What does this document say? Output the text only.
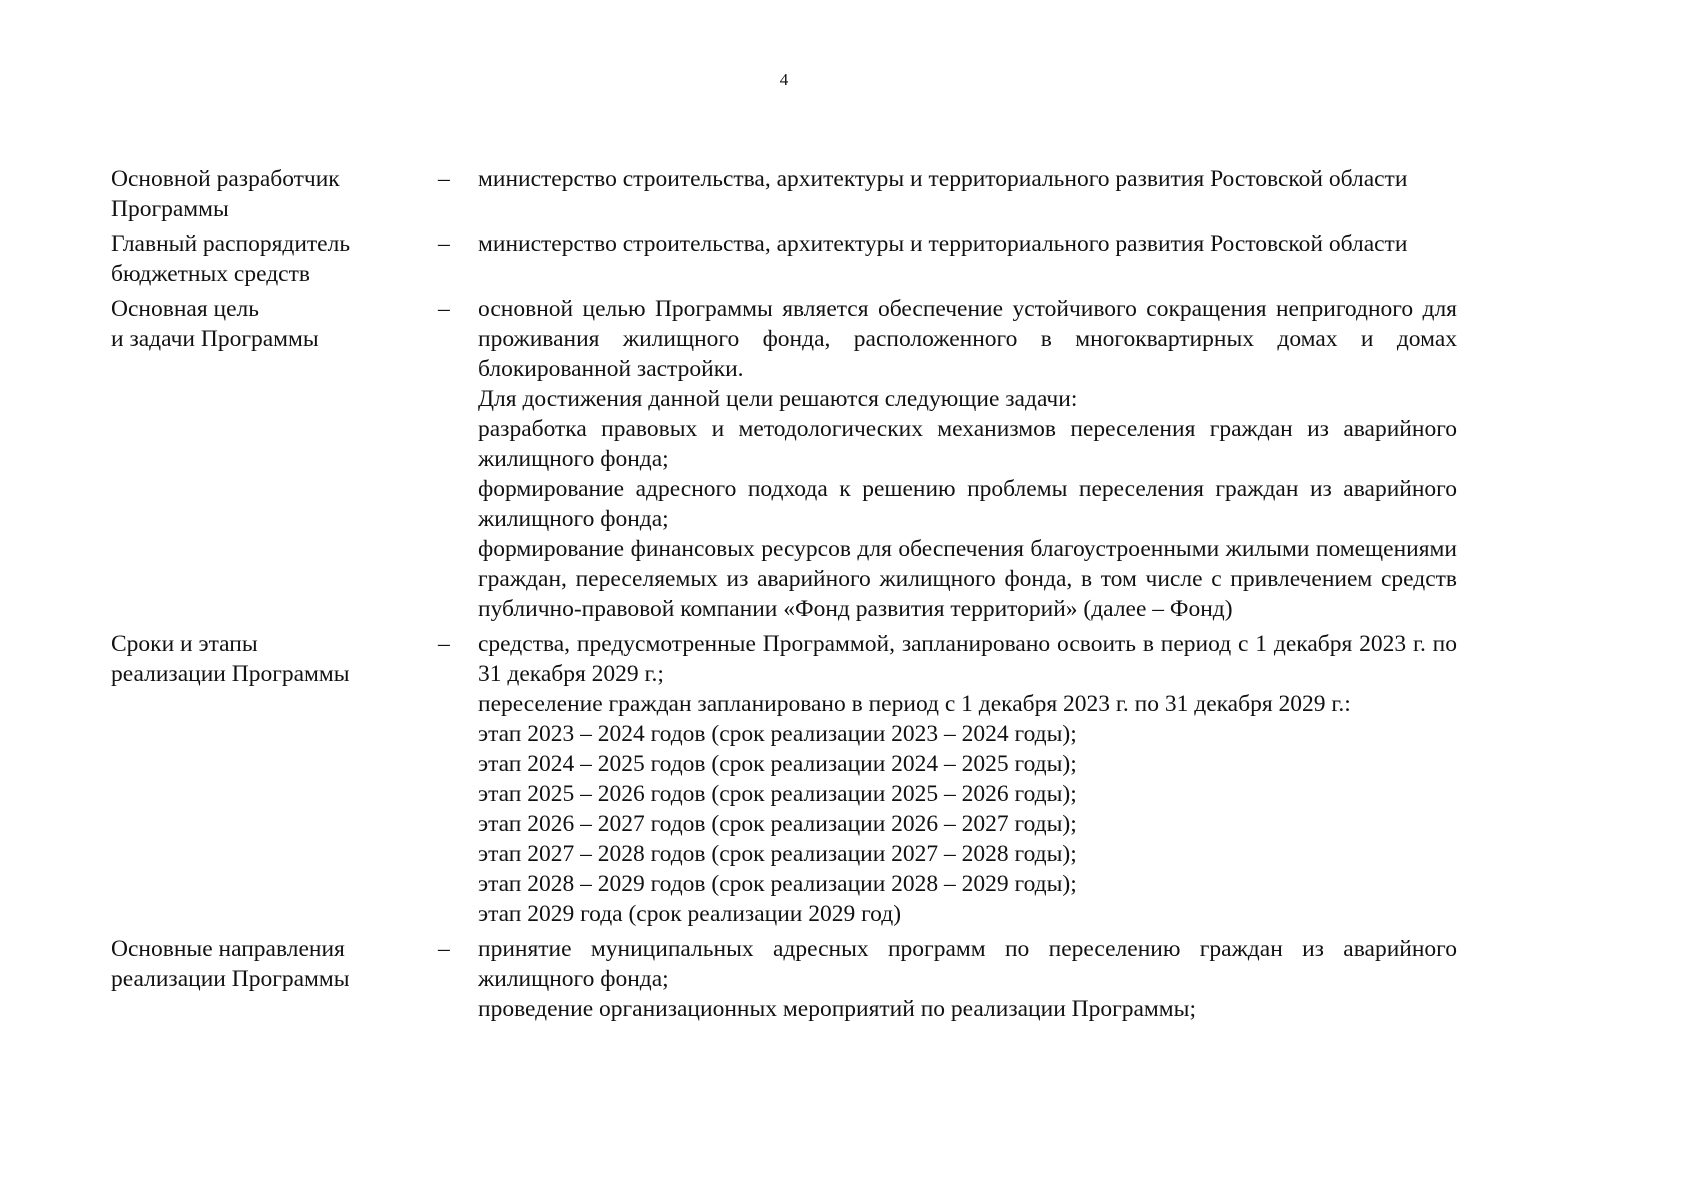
4
Основной разработчик
Программы
–	министерство строительства, архитектуры и территориального развития Ростовской области
Главный распорядитель
бюджетных средств
–	министерство строительства, архитектуры и территориального развития Ростовской области
Основная цель
и задачи Программы
–	основной целью Программы является обеспечение устойчивого сокращения непригодного для проживания жилищного фонда, расположенного в многоквартирных домах и домах блокированной застройки.
Для достижения данной цели решаются следующие задачи:
разработка правовых и методологических механизмов переселения граждан из аварийного жилищного фонда;
формирование адресного подхода к решению проблемы переселения граждан из аварийного жилищного фонда;
формирование финансовых ресурсов для обеспечения благоустроенными жилыми помещениями граждан, переселяемых из аварийного жилищного фонда, в том числе с привлечением средств публично-правовой компании «Фонд развития территорий» (далее – Фонд)
Сроки и этапы
реализации Программы
–	средства, предусмотренные Программой, запланировано освоить в период с 1 декабря 2023 г. по 31 декабря 2029 г.;
переселение граждан запланировано в период с 1 декабря 2023 г. по 31 декабря 2029 г.:
этап 2023 – 2024 годов (срок реализации 2023 – 2024 годы);
этап 2024 – 2025 годов (срок реализации 2024 – 2025 годы);
этап 2025 – 2026 годов (срок реализации 2025 – 2026 годы);
этап 2026 – 2027 годов (срок реализации 2026 – 2027 годы);
этап 2027 – 2028 годов (срок реализации 2027 – 2028 годы);
этап 2028 – 2029 годов (срок реализации 2028 – 2029 годы);
этап 2029 года (срок реализации 2029 год)
Основные направления
реализации Программы
–	принятие муниципальных адресных программ по переселению граждан из аварийного жилищного фонда;
проведение организационных мероприятий по реализации Программы;
